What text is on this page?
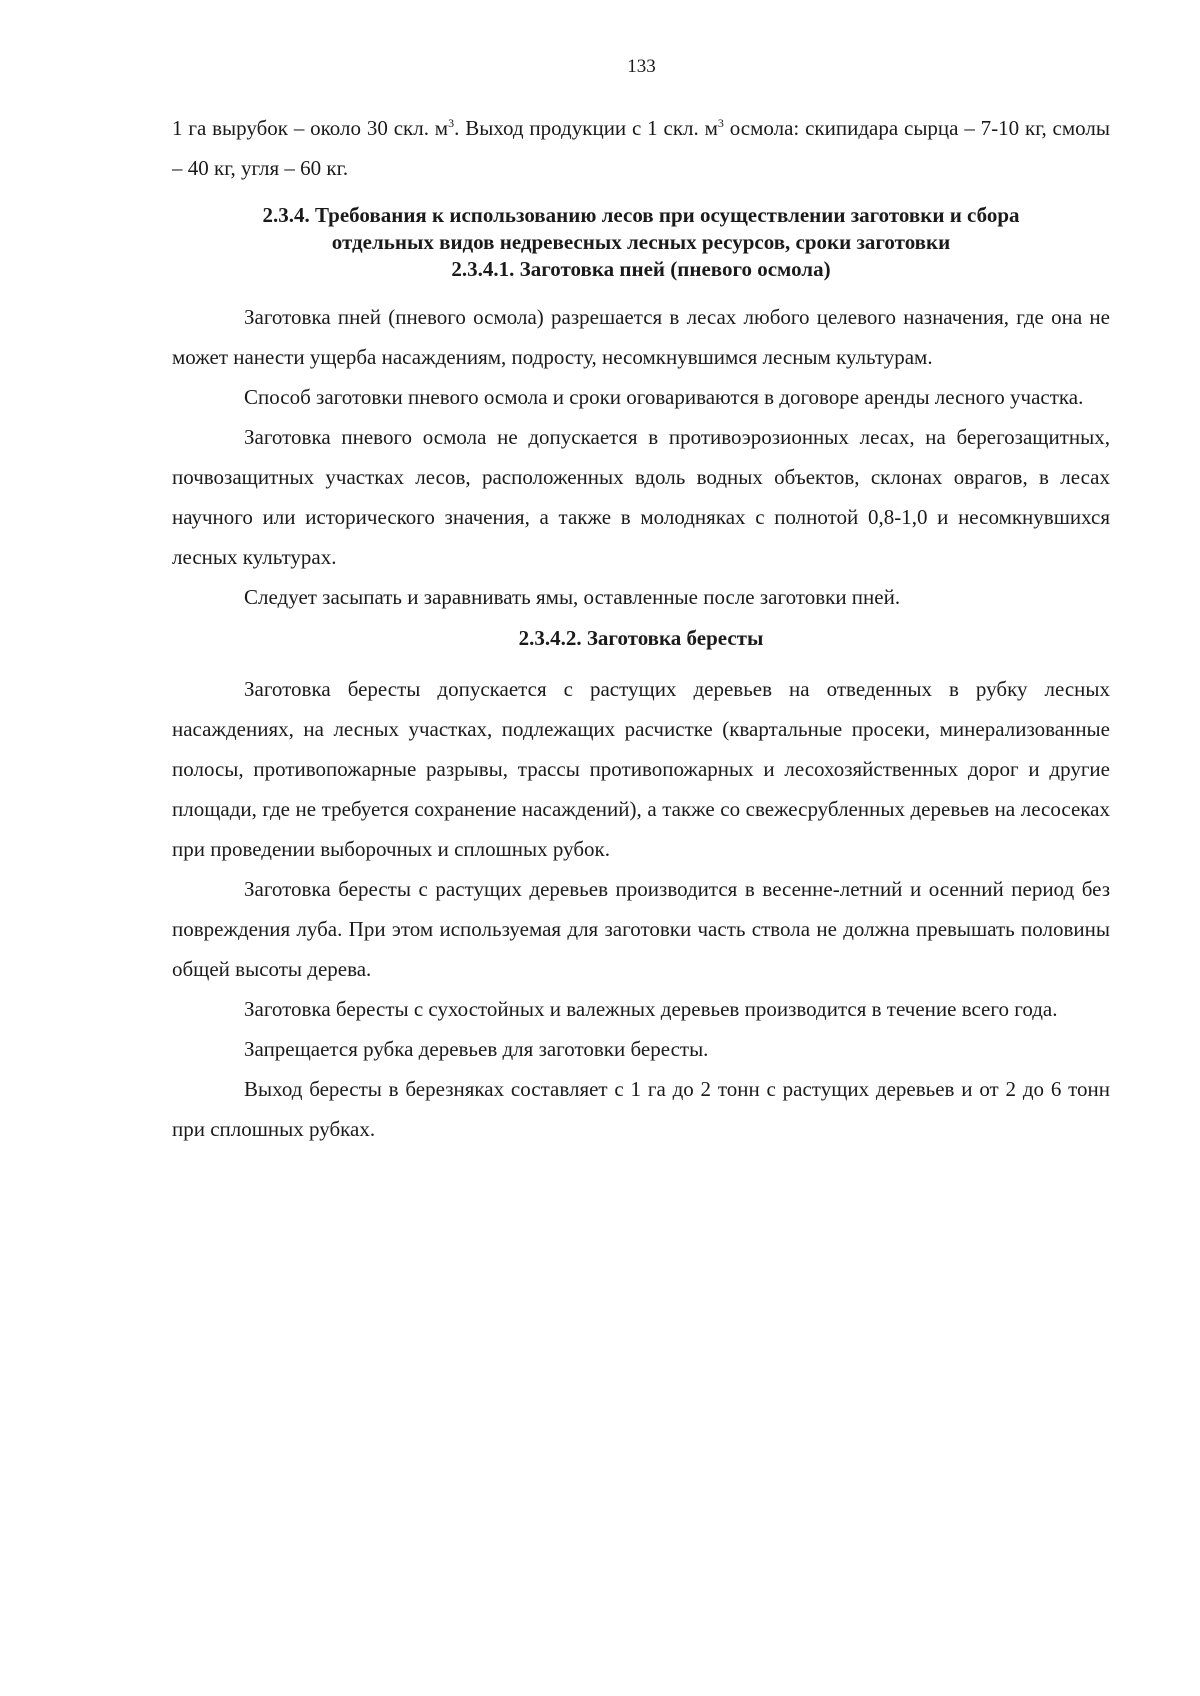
133

1 га вырубок – около 30 скл. $м^3$. Выход продукции с 1 скл. $м^3$ осмола: скипидара сырца – 7-10 кг, смолы – 40 кг, угля – 60 кг.

2.3.4. Требования к использованию лесов при осуществлении заготовки и сбора
отдельных видов недревесных лесных ресурсов, сроки заготовки
2.3.4.1. Заготовка пней (пневого осмола)

Заготовка пней (пневого осмола) разрешается в лесах любого целевого назначения, где она не может нанести ущерба насаждениям, подросту, несомкнувшимся лесным культурам.

Способ заготовки пневого осмола и сроки оговариваются в договоре аренды лесного участка.

Заготовка пневого осмола не допускается в противоэрозионных лесах, на берегозащитных, почвозащитных участках лесов, расположенных вдоль водных объектов, склонах оврагов, в лесах научного или исторического значения, а также в молодняках с полнотой 0,8-1,0 и несомкнувшихся лесных культурах.

Следует засыпать и заравнивать ямы, оставленные после заготовки пней.

2.3.4.2. Заготовка бересты

Заготовка бересты допускается с растущих деревьев на отведенных в рубку лесных насаждениях, на лесных участках, подлежащих расчистке (квартальные просеки, минерализованные полосы, противопожарные разрывы, трассы противопожарных и лесохозяйственных дорог и другие площади, где не требуется сохранение насаждений), а также со свежесрубленных деревьев на лесосеках при проведении выборочных и сплошных рубок.

Заготовка бересты с растущих деревьев производится в весенне-летний и осенний период без повреждения луба. При этом используемая для заготовки часть ствола не должна превышать половины общей высоты дерева.

Заготовка бересты с сухостойных и валежных деревьев производится в течение всего года.

Запрещается рубка деревьев для заготовки бересты.

Выход бересты в березняках составляет с 1 га до 2 тонн с растущих деревьев и от 2 до 6 тонн при сплошных рубках.
